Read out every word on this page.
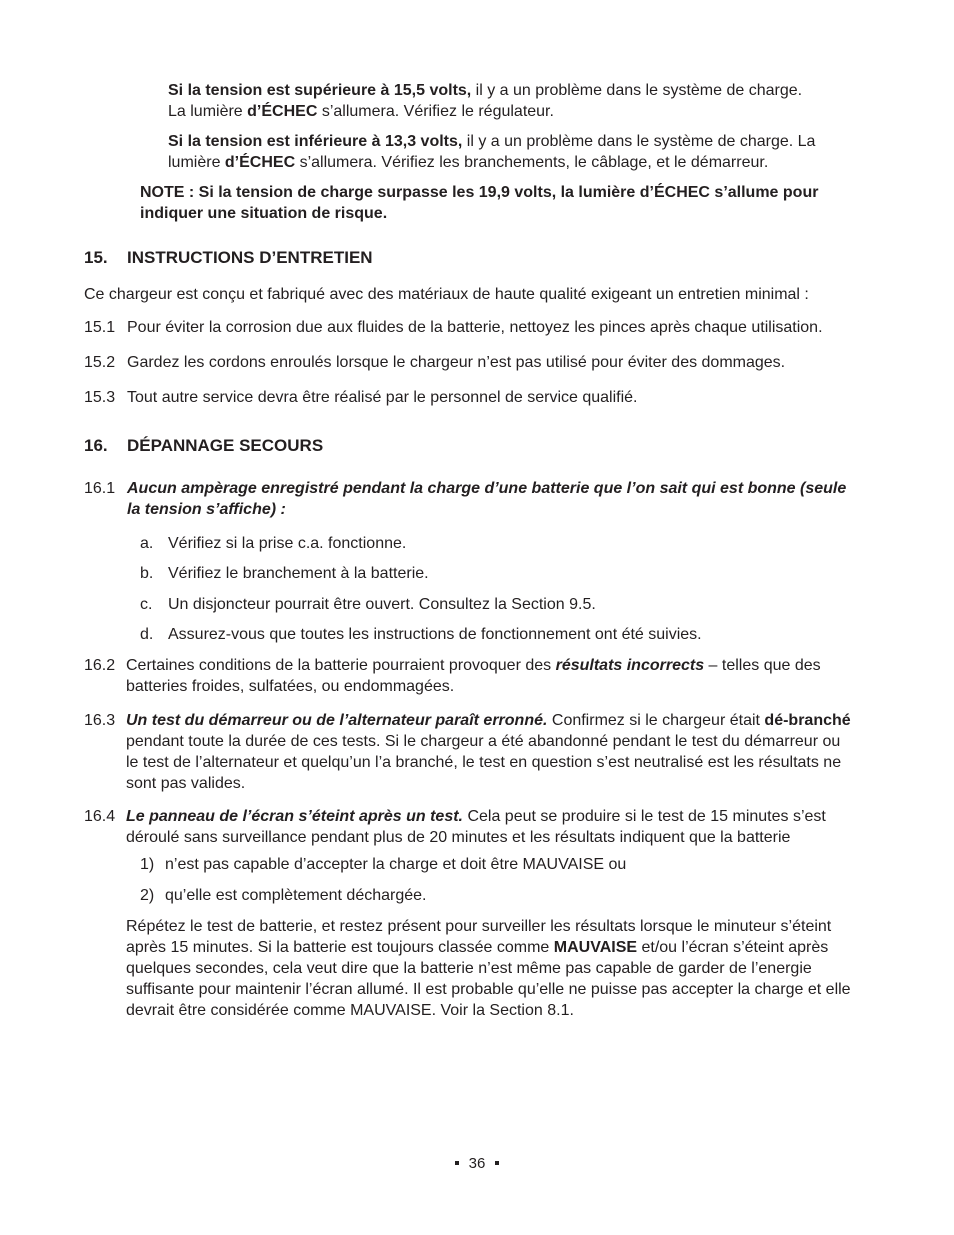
Si la tension est supérieure à 15,5 volts, il y a un problème dans le système de charge. La lumière d’ÉCHEC s’allumera. Vérifiez le régulateur.

Si la tension est inférieure à 13,3 volts, il y a un problème dans le système de charge. La lumière d’ÉCHEC s’allumera. Vérifiez les branchements, le câblage, et le démarreur.

NOTE : Si la tension de charge surpasse les 19,9 volts, la lumière d’ÉCHEC s’allume pour indiquer une situation de risque.

15. INSTRUCTIONS D’ENTRETIEN

Ce chargeur est conçu et fabriqué avec des matériaux de haute qualité exigeant un entretien minimal :

15.1 Pour éviter la corrosion due aux fluides de la batterie, nettoyez les pinces après chaque utilisation.
15.2 Gardez les cordons enroulés lorsque le chargeur n’est pas utilisé pour éviter des dommages.
15.3 Tout autre service devra être réalisé par le personnel de service qualifié.
16. DÉPANNAGE SECOURS
16.1 Aucun ampèrage enregistré pendant la charge d’une batterie que l’on sait qui est bonne (seule la tension s’affiche) :
a. Vérifiez si la prise c.a. fonctionne.
b. Vérifiez le branchement à la batterie.
c. Un disjoncteur pourrait être ouvert. Consultez la Section 9.5.
d. Assurez-vous que toutes les instructions de fonctionnement ont été suivies.
16.2 Certaines conditions de la batterie pourraient provoquer des résultats incorrects – telles que des batteries froides, sulfatées, ou endommagées.
16.3 Un test du démarreur ou de l’alternateur paraît erronné. Confirmez si le chargeur était dé-branché pendant toute la durée de ces tests. Si le chargeur a été abandonné pendant le test du démarreur ou le test de l’alternateur et quelqu’un l’a branché, le test en question s’est neutralisé est les résultats ne sont pas valides.
16.4 Le panneau de l’écran s’éteint après un test. Cela peut se produire si le test de 15 minutes s’est déroulé sans surveillance pendant plus de 20 minutes et les résultats indiquent que la batterie
1) n’est pas capable d’accepter la charge et doit être MAUVAISE ou
2) qu’elle est complètement déchargée.

Répétez le test de batterie, et restez présent pour surveiller les résultats lorsque le minuteur s’éteint après 15 minutes. Si la batterie est toujours classée comme MAUVAISE et/ou l’écran s’éteint après quelques secondes, cela veut dire que la batterie n’est même pas capable de garder de l’energie suffisante pour maintenir l’écran allumé. Il est probable qu’elle ne puisse pas accepter la charge et elle devrait être considérée comme MAUVAISE. Voir la Section 8.1.

36
